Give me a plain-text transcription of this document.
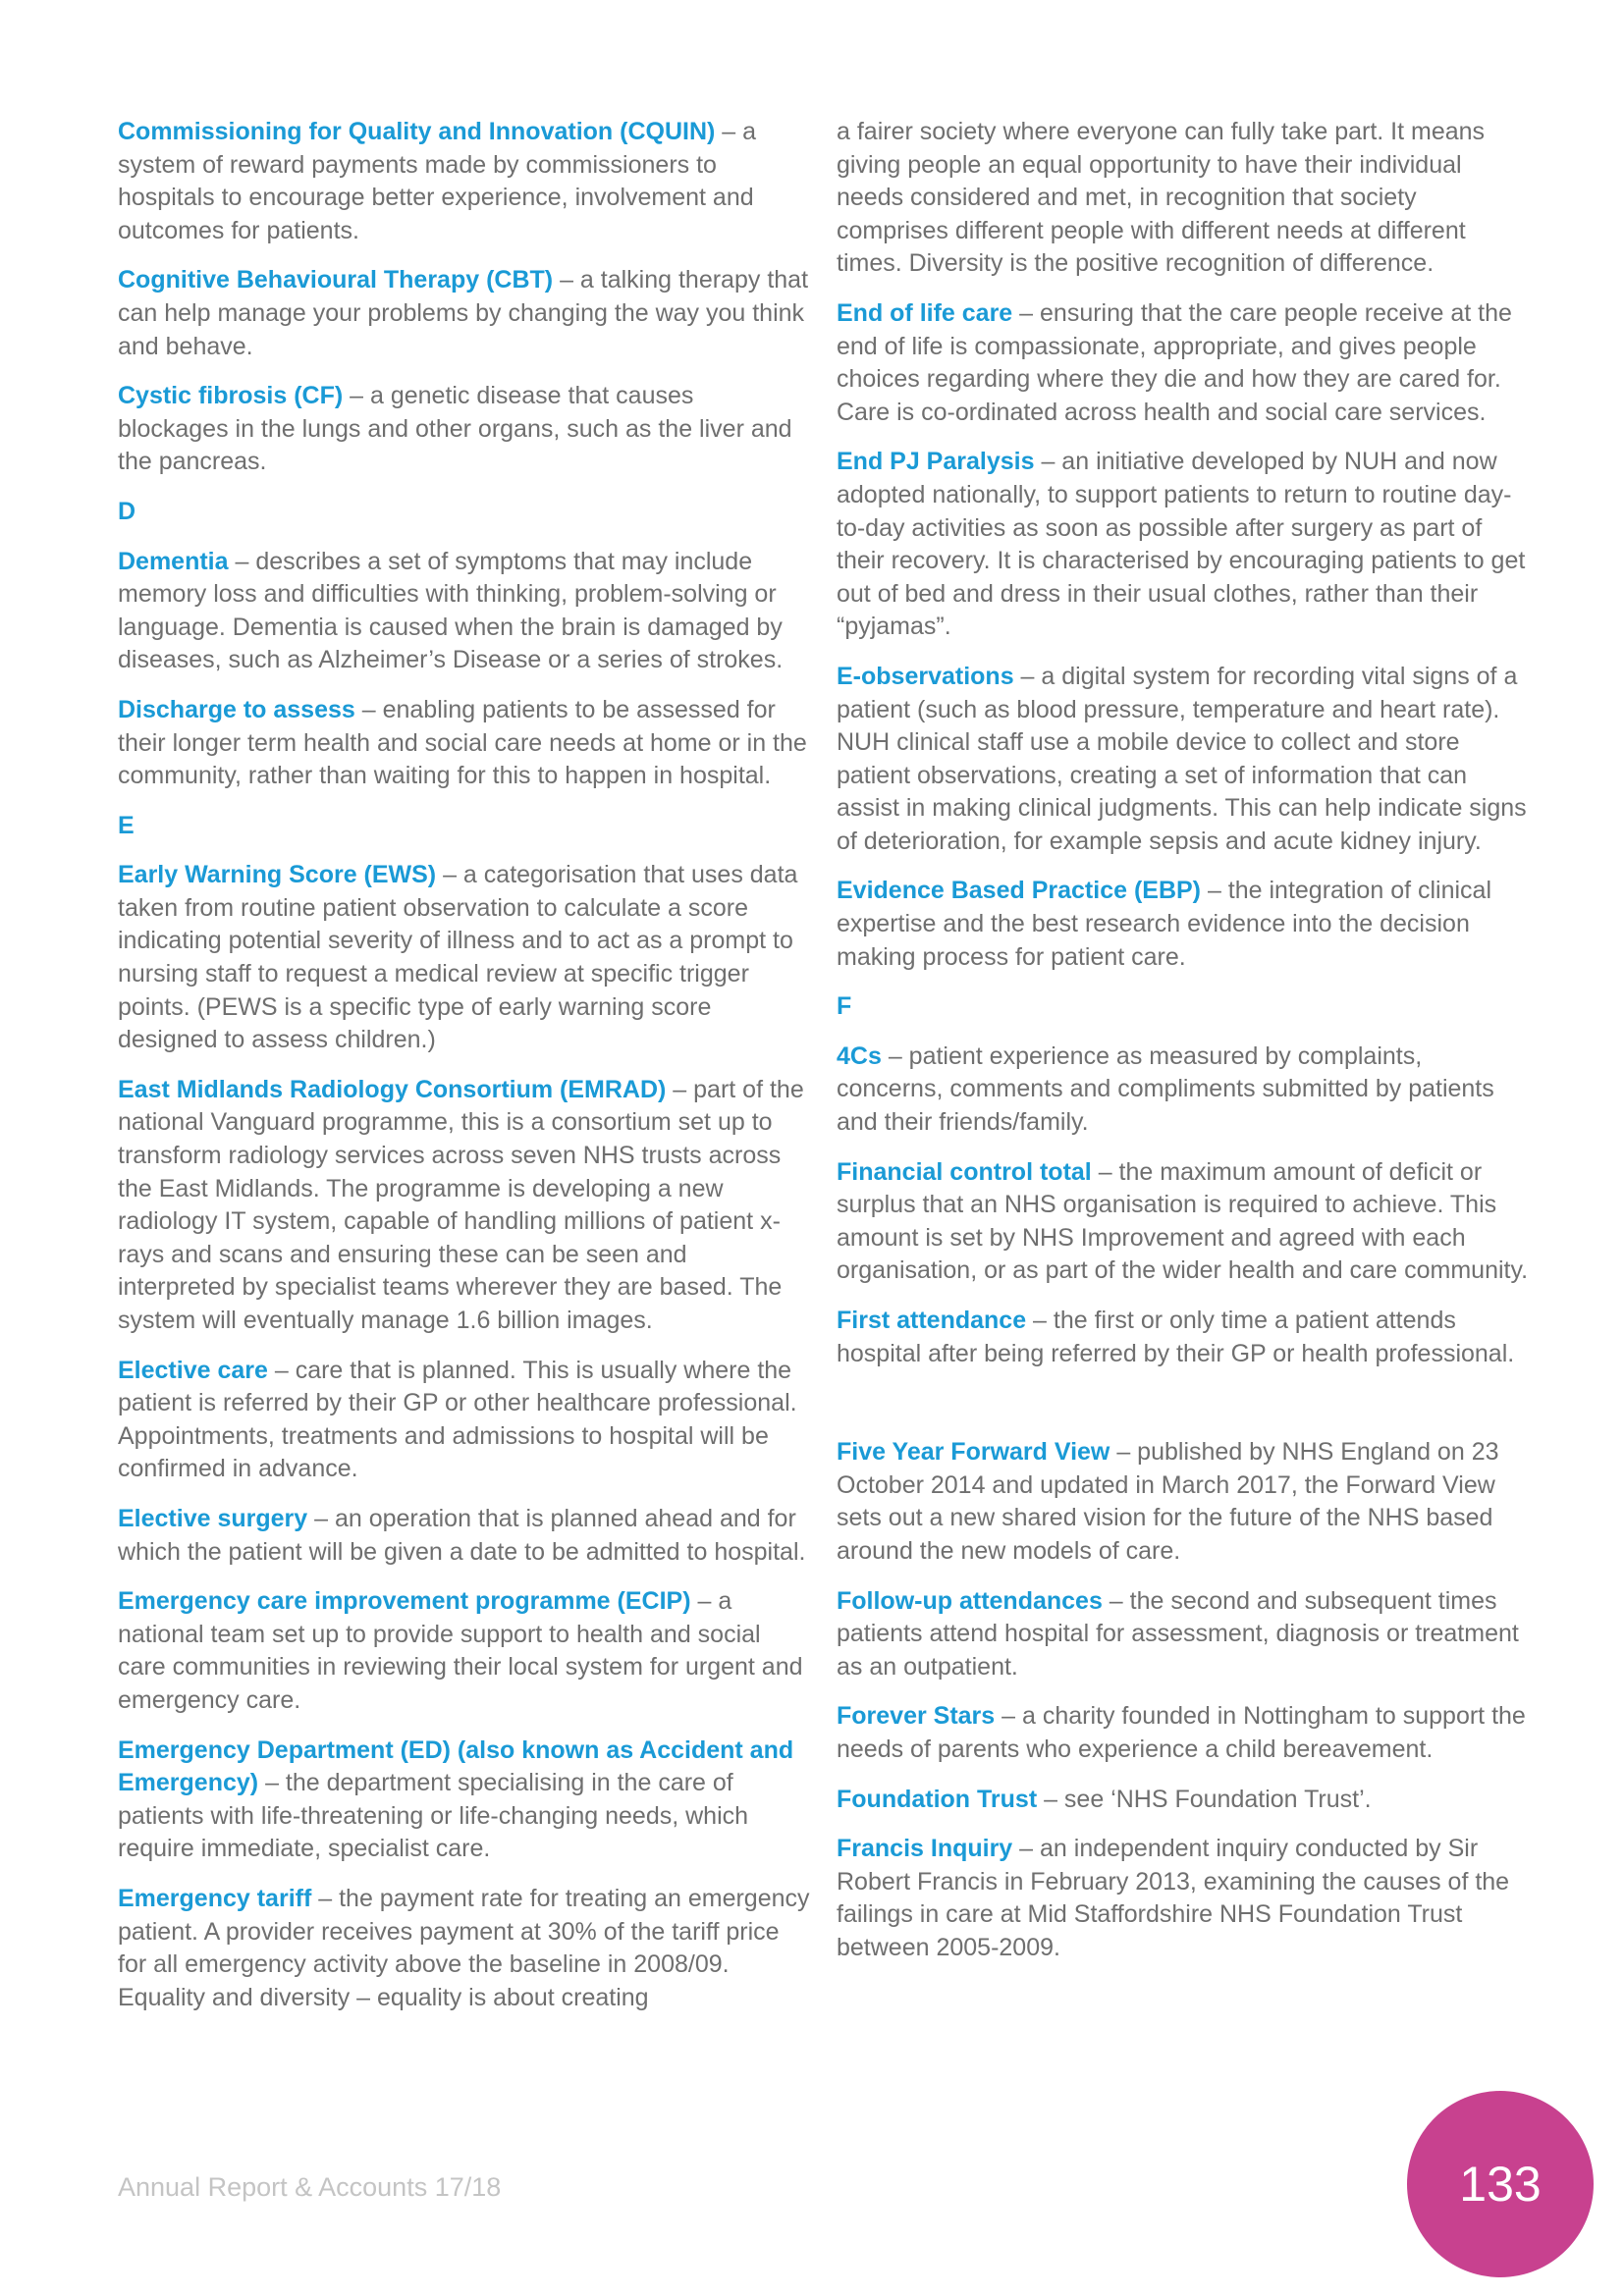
Commissioning for Quality and Innovation (CQUIN) – a system of reward payments made by commissioners to hospitals to encourage better experience, involvement and outcomes for patients.

Cognitive Behavioural Therapy (CBT) – a talking therapy that can help manage your problems by changing the way you think and behave.

Cystic fibrosis (CF) – a genetic disease that causes blockages in the lungs and other organs, such as the liver and the pancreas.

D

Dementia – describes a set of symptoms that may include memory loss and difficulties with thinking, problem-solving or language. Dementia is caused when the brain is damaged by diseases, such as Alzheimer’s Disease or a series of strokes.

Discharge to assess – enabling patients to be assessed for their longer term health and social care needs at home or in the community, rather than waiting for this to happen in hospital.

E

Early Warning Score (EWS) – a categorisation that uses data taken from routine patient observation to calculate a score indicating potential severity of illness and to act as a prompt to nursing staff to request a medical review at specific trigger points. (PEWS is a specific type of early warning score designed to assess children.)

East Midlands Radiology Consortium (EMRAD) – part of the national Vanguard programme, this is a consortium set up to transform radiology services across seven NHS trusts across the East Midlands. The programme is developing a new radiology IT system, capable of handling millions of patient x-rays and scans and ensuring these can be seen and interpreted by specialist teams wherever they are based. The system will eventually manage 1.6 billion images.

Elective care – care that is planned. This is usually where the patient is referred by their GP or other healthcare professional. Appointments, treatments and admissions to hospital will be confirmed in advance.

Elective surgery – an operation that is planned ahead and for which the patient will be given a date to be admitted to hospital.

Emergency care improvement programme (ECIP) – a national team set up to provide support to health and social care communities in reviewing their local system for urgent and emergency care.

Emergency Department (ED) (also known as Accident and Emergency) – the department specialising in the care of patients with life-threatening or life-changing needs, which require immediate, specialist care.

Emergency tariff – the payment rate for treating an emergency patient. A provider receives payment at 30% of the tariff price for all emergency activity above the baseline in 2008/09. Equality and diversity – equality is about creating

a fairer society where everyone can fully take part. It means giving people an equal opportunity to have their individual needs considered and met, in recognition that society comprises different people with different needs at different times. Diversity is the positive recognition of difference.

End of life care – ensuring that the care people receive at the end of life is compassionate, appropriate, and gives people choices regarding where they die and how they are cared for. Care is co-ordinated across health and social care services.

End PJ Paralysis – an initiative developed by NUH and now adopted nationally, to support patients to return to routine day-to-day activities as soon as possible after surgery as part of their recovery. It is characterised by encouraging patients to get out of bed and dress in their usual clothes, rather than their “pyjamas”.

E-observations – a digital system for recording vital signs of a patient (such as blood pressure, temperature and heart rate). NUH clinical staff use a mobile device to collect and store patient observations, creating a set of information that can assist in making clinical judgments. This can help indicate signs of deterioration, for example sepsis and acute kidney injury.

Evidence Based Practice (EBP) – the integration of clinical expertise and the best research evidence into the decision making process for patient care.

F

4Cs – patient experience as measured by complaints, concerns, comments and compliments submitted by patients and their friends/family.

Financial control total – the maximum amount of deficit or surplus that an NHS organisation is required to achieve. This amount is set by NHS Improvement and agreed with each organisation, or as part of the wider health and care community.

First attendance – the first or only time a patient attends hospital after being referred by their GP or health professional.

Five Year Forward View – published by NHS England on 23 October 2014 and updated in March 2017, the Forward View sets out a new shared vision for the future of the NHS based around the new models of care.

Follow-up attendances – the second and subsequent times patients attend hospital for assessment, diagnosis or treatment as an outpatient.

Forever Stars – a charity founded in Nottingham to support the needs of parents who experience a child bereavement.

Foundation Trust – see ‘NHS Foundation Trust’.

Francis Inquiry – an independent inquiry conducted by Sir Robert Francis in February 2013, examining the causes of the failings in care at Mid Staffordshire NHS Foundation Trust between 2005-2009.

Annual Report & Accounts 17/18	133
